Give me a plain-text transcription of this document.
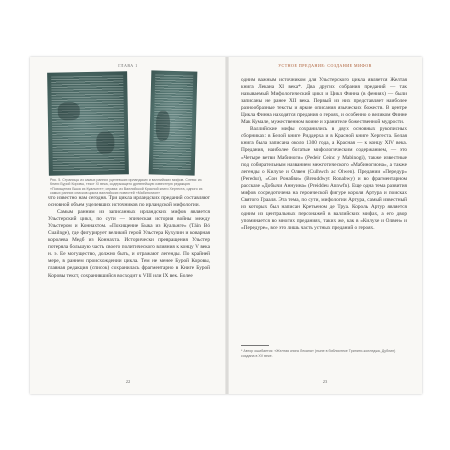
ГЛАВА 1

Рис. 5. Страницы из самых ранних уцелевших ирландских и валлийских мифов. Слева: из Книги Бурой Коровы, текст XI века, содержащего древнейшую известную редакцию «Похищения Быка из Куальнге»; справа: из Валлийской Красной книги Хергеста, одного из самых ранних списков цикла валлийских повестей «Мабиногион»

что известно нам сегодня. Три цикла ирландских преданий составляют основной объем уцелевших источников по ирландской мифологии.

Самым ранним из записанных ирландских мифов является Ульстерский цикл, по сути — эпическая история войны между Ульстером и Коннахтом. «Похищение Быка из Куальнге» (Táin Bó Cuailnge), где фигурирует великий герой Ульстера Кухулин и коварная королева Медб из Коннахта. Исторически превращения Ульстер потеряла большую часть своего политического влияния к концу V века н. э. Ее могущество, должно быть, и отражают легенды. По крайней мере, в раннем происхождении цикла. Тем не менее Бурой Коровы, главная редакция (список) сохранилась фрагментарно в Книге Бурой Коровы текст, сохранившийся восходит к VIII или IX век. Более

22
УСТНОЕ ПРЕДАНИЕ: СОЗДАНИЕ МИФОВ

одним важным источником для Ульстерского цикла является Желтая книга Лекана XI века*. Два других собрания преданий — так называемый Мифологический цикл и Цикл Финна (в фениях) — были записаны не ранее XII века. Первый из них представляет наиболее разнообразные тексты и яркие описания языческих божеств. В центре Цикла Финна находятся предания о героях, и особенно о великом Финне Мак Кумале, мужественном воине и хранителе божественной мудрости.

Валлийские мифы сохранились в двух основных рукописных сборниках: в Белой книге Риддерха и в Красной книге Хергеста. Белая книга была записана около 1300 года, а Красная — к концу XIV века. Предания, наиболее богатые мифологическим содержанием, — это «Четыре ветви Мабиноги» (Pedeir Ceinc y Mabinogi), также известные под собирательным названием межготического «Мабиногиона», а также легенды о Килухе и Олвен (Culhwch ac Olwen). Предании «Передур» (Peredur), «Сон Ронабви» (Breuddwyt Ronabwy) и во фрагментарном рассказе «Добычи Аннуина» (Preiddeu Annwfn). Еще одна тема развития мифов сосредоточена на героической фигуре короля Артура и поисках Святого Грааля. Эта тема, по сути, мифологии Артура, самый известный из которых был написан Кретьеном де Труа. Король Артур является одним из центральных персонажей в валлийских мифах, а его двор упоминается во многих преданиях, таких же, как в «Килухе и Олвен» и «Передуре», все это лишь часть устных преданий о героях.

* Автор ошибается: «Желтая книга Лекана» (ныне в библиотеке Тринити-колледжа, Дублин) создана в XV веке.

23
